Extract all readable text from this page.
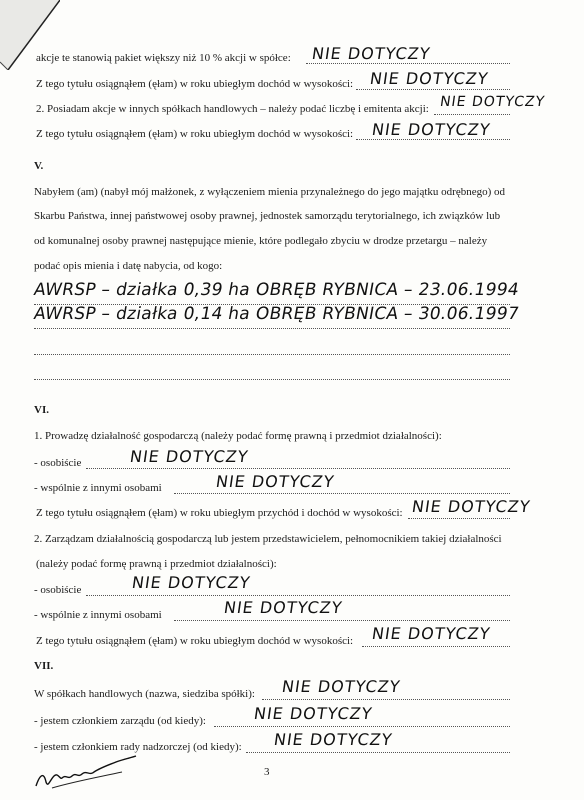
akcje te stanowią pakiet większy niż 10 % akcji w spółce: NIE DOTYCZY
Z tego tytułu osiągnąłem (ęłam) w roku ubiegłym dochód w wysokości: NIE DOTYCZY
2. Posiadam akcje w innych spółkach handlowych – należy podać liczbę i emitenta akcji: NIE DOTYCZY
Z tego tytułu osiągnąłem (ęłam) w roku ubiegłym dochód w wysokości: NIE DOTYCZY
V.
Nabyłem (am) (nabył mój małżonek, z wyłączeniem mienia przynależnego do jego majątku odrębnego) od
Skarbu Państwa, innej państwowej osoby prawnej, jednostek samorządu terytorialnego, ich związków lub
od komunalnej osoby prawnej następujące mienie, które podlegało zbyciu w drodze przetargu – należy
podać opis mienia i datę nabycia, od kogo:
AWRSP – działka 0,39 ha OBRĘB RYBNICA – 23.06.1994
AWRSP – działka 0,14 ha OBRĘB RYBNICA – 30.06.1997
VI.
1. Prowadzę działalność gospodarczą (należy podać formę prawną i przedmiot działalności):
- osobiście	NIE DOTYCZY
- wspólnie z innymi osobami	NIE DOTYCZY
Z tego tytułu osiągnąłem (ęłam) w roku ubiegłym przychód i dochód w wysokości: NIE DOTYCZY
2. Zarządzam działalnością gospodarczą lub jestem przedstawicielem, pełnomocnikiem takiej działalności
(należy podać formę prawną i przedmiot działalności):
- osobiście	NIE DOTYCZY
- wspólnie z innymi osobami	NIE DOTYCZY
Z tego tytułu osiągnąłem (ęłam) w roku ubiegłym dochód w wysokości: NIE DOTYCZY
VII.
W spółkach handlowych (nazwa, siedziba spółki): NIE DOTYCZY
- jestem członkiem zarządu (od kiedy):	NIE DOTYCZY
- jestem członkiem rady nadzorczej (od kiedy): NIE DOTYCZY
3
